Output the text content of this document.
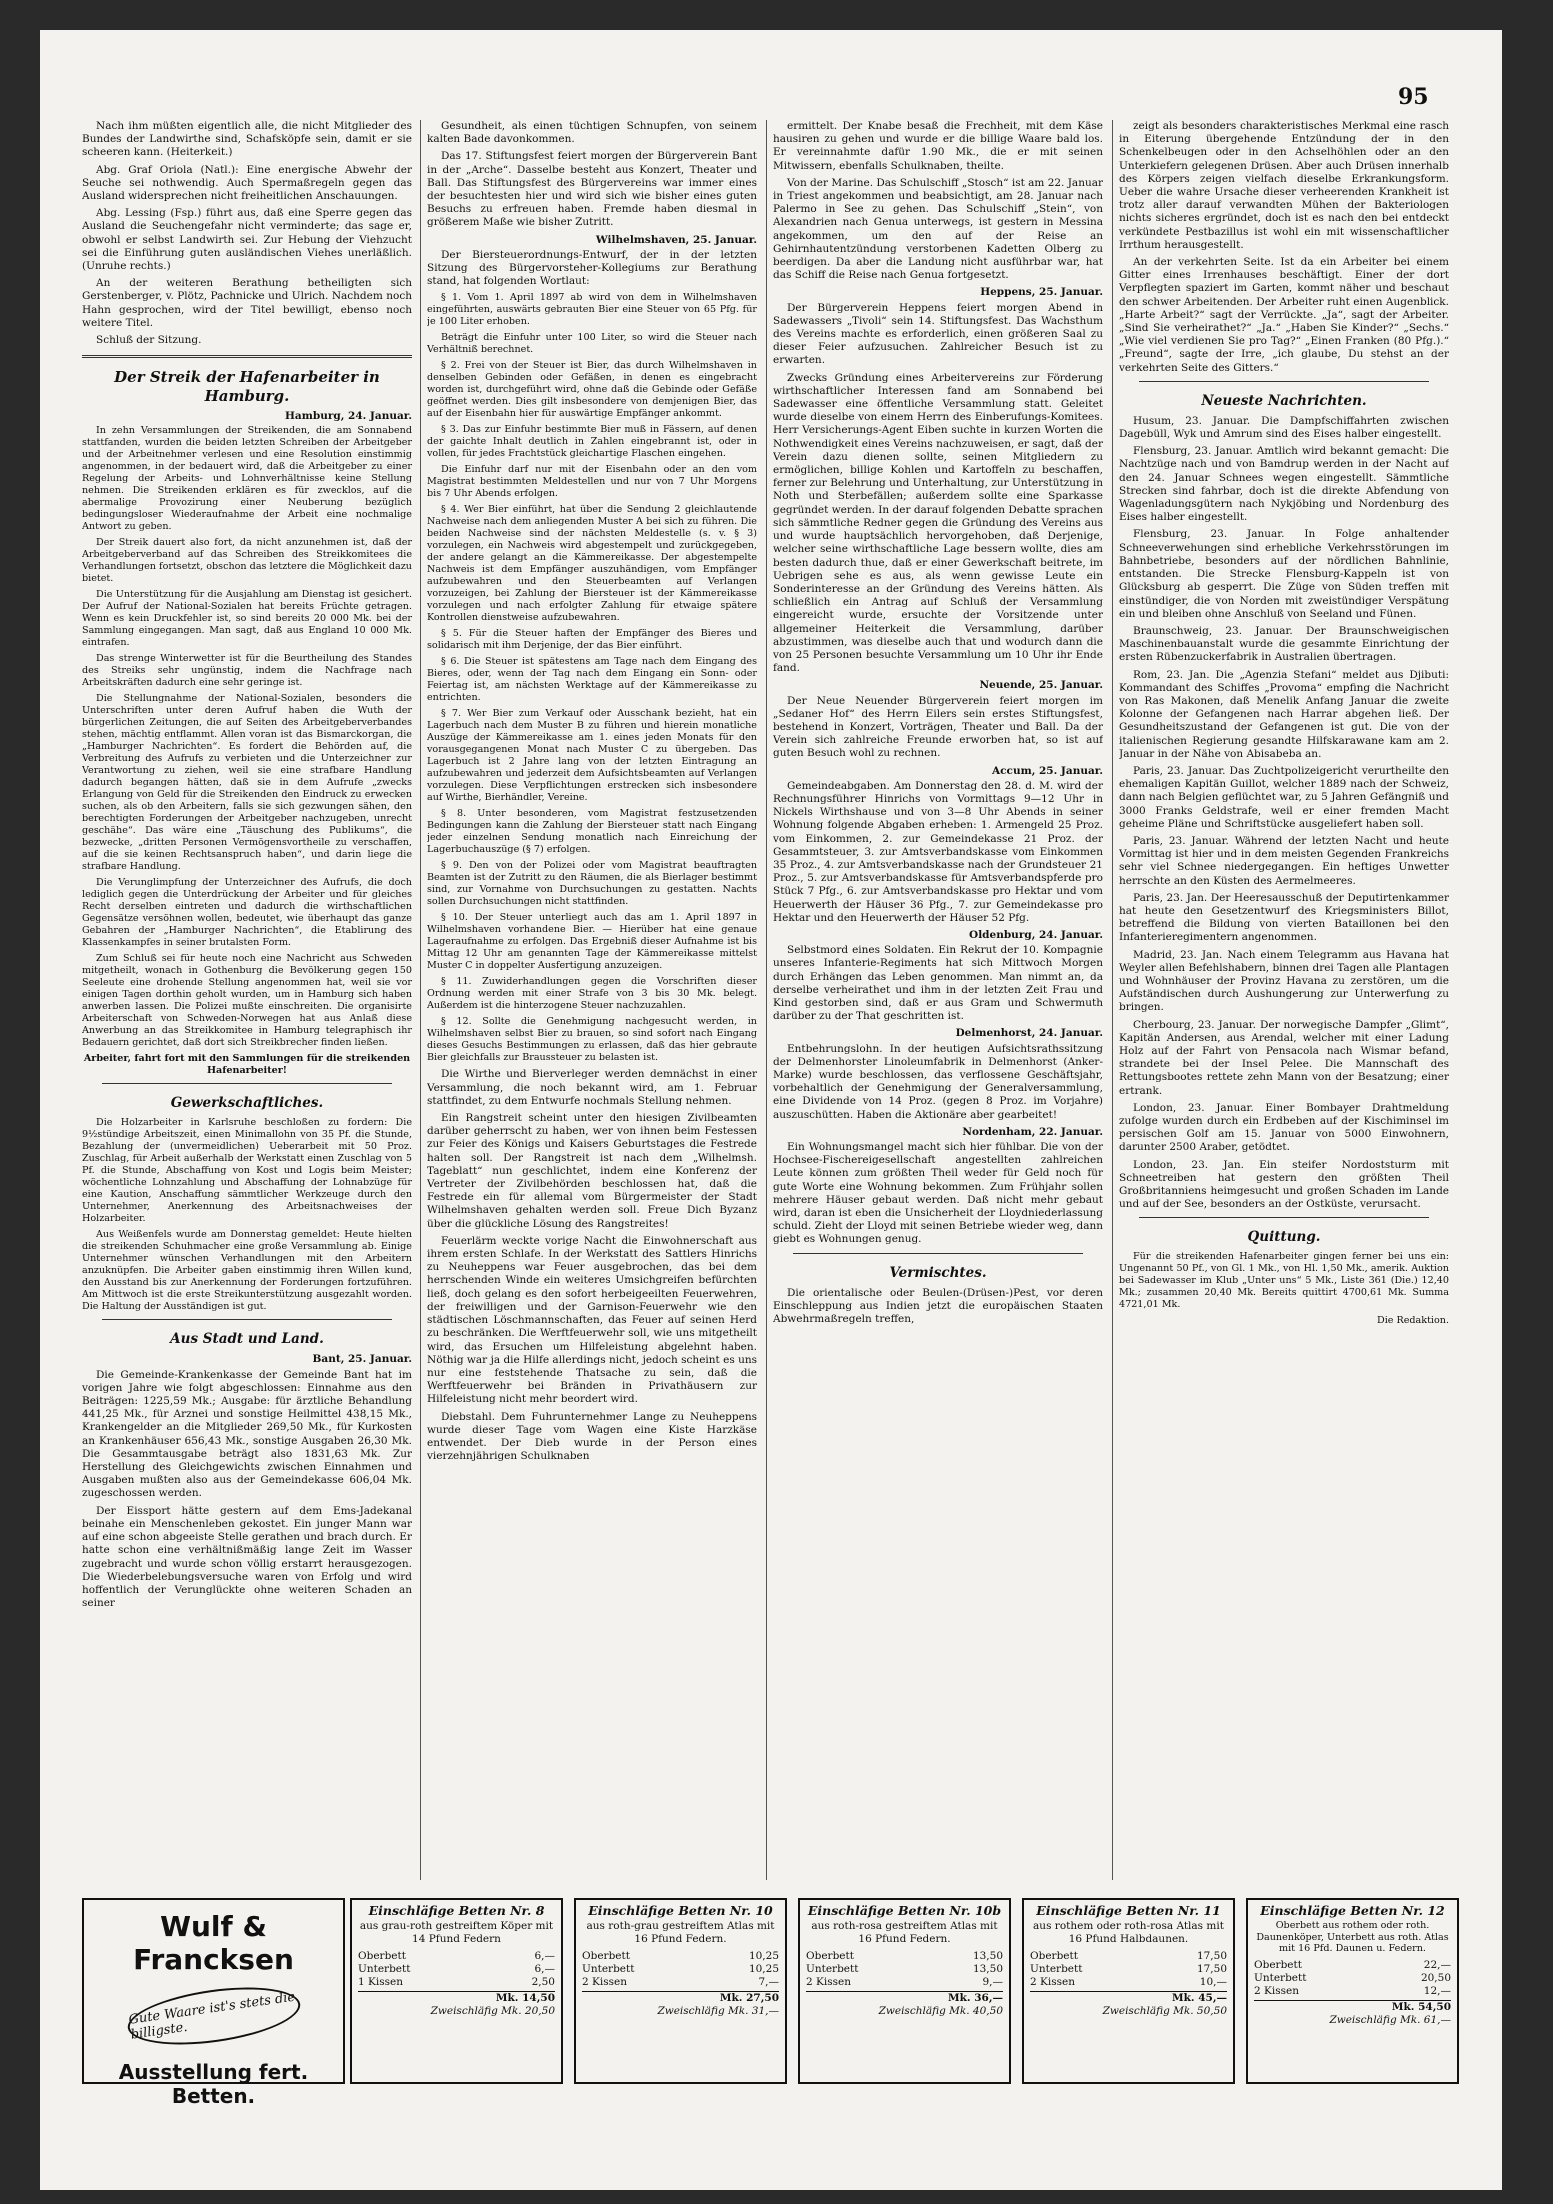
95

Nach ihm müßten eigentlich alle, die nicht Mitglieder des Bundes der Landwirthe sind, Schafsköpfe sein, damit er sie scheeren kann. (Heiterkeit.)

Abg. Graf Oriola (Natl.): Eine energische Abwehr der Seuche sei nothwendig. Auch Spermaßregeln gegen das Ausland widersprechen nicht freiheitlichen Anschauungen.

Abg. Lessing (Fsp.) führt aus, daß eine Sperre gegen das Ausland die Seuchengefahr nicht verminderte; das sage er, obwohl er selbst Landwirth sei. Zur Hebung der Viehzucht sei die Einführung guten ausländischen Viehes unerläßlich. (Unruhe rechts.)

An der weiteren Berathung betheiligten sich Gerstenberger, v. Plötz, Pachnicke und Ulrich. Nachdem noch Hahn gesprochen, wird der Titel bewilligt, ebenso noch weitere Titel.

Schluß der Sitzung.

Der Streik der Hafenarbeiter in Hamburg.
Hamburg, 24. Januar.

In zehn Versammlungen der Streikenden, die am Sonnabend stattfanden, wurden die beiden letzten Schreiben der Arbeitgeber und der Arbeitnehmer verlesen und eine Resolution einstimmig angenommen, in der bedauert wird, daß die Arbeitgeber zu einer Regelung der Arbeits- und Lohnverhältnisse keine Stellung nehmen. Die Streikenden erklären es für zwecklos, auf die abermalige Provozirung einer Neuberung bezüglich bedingungsloser Wiederaufnahme der Arbeit eine nochmalige Antwort zu geben.

Der Streik dauert also fort, da nicht anzunehmen ist, daß der Arbeitgeberverband auf das Schreiben des Streikkomitees die Verhandlungen fortsetzt, obschon das letztere die Möglichkeit dazu bietet.

Die Unterstützung für die Ausjahlung am Dienstag ist gesichert. Der Aufruf der National-Sozialen hat bereits Früchte getragen. Wenn es kein Druckfehler ist, so sind bereits 20 000 Mk. bei der Sammlung eingegangen. Man sagt, daß aus England 10 000 Mk. eintrafen.

Das strenge Winterwetter ist für die Beurtheilung des Standes des Streiks sehr ungünstig, indem die Nachfrage nach Arbeitskräften dadurch eine sehr geringe ist.

Die Stellungnahme der National-Sozialen, besonders die Unterschriften unter deren Aufruf haben die Wuth der bürgerlichen Zeitungen, die auf Seiten des Arbeitgeberverbandes stehen, mächtig entflammt. Allen voran ist das Bismarckorgan, die „Hamburger Nachrichten“. Es fordert die Behörden auf, die Verbreitung des Aufrufs zu verbieten und die Unterzeichner zur Verantwortung zu ziehen, weil sie eine strafbare Handlung dadurch begangen hätten, daß sie in dem Aufrufe „zwecks Erlangung von Geld für die Streikenden den Eindruck zu erwecken suchen, als ob den Arbeitern, falls sie sich gezwungen sähen, den berechtigten Forderungen der Arbeitgeber nachzugeben, unrecht geschähe“. Das wäre eine „Täuschung des Publikums“, die bezwecke, „dritten Personen Vermögensvortheile zu verschaffen, auf die sie keinen Rechtsanspruch haben“, und darin liege die strafbare Handlung.

Die Verunglimpfung der Unterzeichner des Aufrufs, die doch lediglich gegen die Unterdrückung der Arbeiter und für gleiches Recht derselben eintreten und dadurch die wirthschaftlichen Gegensätze versöhnen wollen, bedeutet, wie überhaupt das ganze Gebahren der „Hamburger Nachrichten“, die Etablirung des Klassenkampfes in seiner brutalsten Form.

Zum Schluß sei für heute noch eine Nachricht aus Schweden mitgetheilt, wonach in Gothenburg die Bevölkerung gegen 150 Seeleute eine drohende Stellung angenommen hat, weil sie vor einigen Tagen dorthin geholt wurden, um in Hamburg sich haben anwerben lassen. Die Polizei mußte einschreiten. Die organisirte Arbeiterschaft von Schweden-Norwegen hat aus Anlaß diese Anwerbung an das Streikkomitee in Hamburg telegraphisch ihr Bedauern gerichtet, daß dort sich Streikbrecher finden ließen.

Arbeiter, fahrt fort mit den Sammlungen für die streikenden Hafenarbeiter!

Gewerkschaftliches.

Die Holzarbeiter in Karlsruhe beschloßen zu fordern: Die 9½stündige Arbeitszeit, einen Minimallohn von 35 Pf. die Stunde, Bezahlung der (unvermeidlichen) Ueberarbeit mit 50 Proz. Zuschlag, für Arbeit außerhalb der Werkstatt einen Zuschlag von 5 Pf. die Stunde, Abschaffung von Kost und Logis beim Meister; wöchentliche Lohnzahlung und Abschaffung der Lohnabzüge für eine Kaution, Anschaffung sämmtlicher Werkzeuge durch den Unternehmer, Anerkennung des Arbeitsnachweises der Holzarbeiter.

Aus Weißenfels wurde am Donnerstag gemeldet: Heute hielten die streikenden Schuhmacher eine große Versammlung ab. Einige Unternehmer wünschen Verhandlungen mit den Arbeitern anzuknüpfen. Die Arbeiter gaben einstimmig ihren Willen kund, den Ausstand bis zur Anerkennung der Forderungen fortzuführen. Am Mittwoch ist die erste Streikunterstützung ausgezahlt worden. Die Haltung der Ausständigen ist gut.

Aus Stadt und Land.
Bant, 25. Januar.

Die Gemeinde-Krankenkasse der Gemeinde Bant hat im vorigen Jahre wie folgt abgeschlossen: Einnahme aus den Beiträgen: 1225,59 Mk.; Ausgabe: für ärztliche Behandlung 441,25 Mk., für Arznei und sonstige Heilmittel 438,15 Mk., Krankengelder an die Mitglieder 269,50 Mk., für Kurkosten an Krankenhäuser 656,43 Mk., sonstige Ausgaben 26,30 Mk. Die Gesammtausgabe beträgt also 1831,63 Mk. Zur Herstellung des Gleichgewichts zwischen Einnahmen und Ausgaben mußten also aus der Gemeindekasse 606,04 Mk. zugeschossen werden.

Der Eissport hätte gestern auf dem Ems-Jadekanal beinahe ein Menschenleben gekostet. Ein junger Mann war auf eine schon abgeeiste Stelle gerathen und brach durch. Er hatte schon eine verhältnißmäßig lange Zeit im Wasser zugebracht und wurde schon völlig erstarrt herausgezogen. Die Wiederbelebungsversuche waren von Erfolg und wird hoffentlich der Verunglückte ohne weiteren Schaden an seiner

Gesundheit, als einen tüchtigen Schnupfen, von seinem kalten Bade davonkommen.

Das 17. Stiftungsfest feiert morgen der Bürgerverein Bant in der „Arche“. Dasselbe besteht aus Konzert, Theater und Ball. Das Stiftungsfest des Bürgervereins war immer eines der besuchtesten hier und wird sich wie bisher eines guten Besuchs zu erfreuen haben. Fremde haben diesmal in größerem Maße wie bisher Zutritt.

Wilhelmshaven, 25. Januar.

Der Biersteuerordnungs-Entwurf, der in der letzten Sitzung des Bürgervorsteher-Kollegiums zur Berathung stand, hat folgenden Wortlaut:

§ 1. Vom 1. April 1897 ab wird von dem in Wilhelmshaven eingeführten, auswärts gebrauten Bier eine Steuer von 65 Pfg. für je 100 Liter erhoben.

Beträgt die Einfuhr unter 100 Liter, so wird die Steuer nach Verhältniß berechnet.

§ 2. Frei von der Steuer ist Bier, das durch Wilhelmshaven in denselben Gebinden oder Gefäßen, in denen es eingebracht worden ist, durchgeführt wird, ohne daß die Gebinde oder Gefäße geöffnet werden. Dies gilt insbesondere von demjenigen Bier, das auf der Eisenbahn hier für auswärtige Empfänger ankommt.

§ 3. Das zur Einfuhr bestimmte Bier muß in Fässern, auf denen der gaichte Inhalt deutlich in Zahlen eingebrannt ist, oder in vollen, für jedes Frachtstück gleichartige Flaschen eingehen.

Die Einfuhr darf nur mit der Eisenbahn oder an den vom Magistrat bestimmten Meldestellen und nur von 7 Uhr Morgens bis 7 Uhr Abends erfolgen.

§ 4. Wer Bier einführt, hat über die Sendung 2 gleichlautende Nachweise nach dem anliegenden Muster A bei sich zu führen. Die beiden Nachweise sind der nächsten Meldestelle (s. v. § 3) vorzulegen, ein Nachweis wird abgestempelt und zurückgegeben, der andere gelangt an die Kämmereikasse. Der abgestempelte Nachweis ist dem Empfänger auszuhändigen, vom Empfänger aufzubewahren und den Steuerbeamten auf Verlangen vorzuzeigen, bei Zahlung der Biersteuer ist der Kämmereikasse vorzulegen und nach erfolgter Zahlung für etwaige spätere Kontrollen dienstweise aufzubewahren.

§ 5. Für die Steuer haften der Empfänger des Bieres und solidarisch mit ihm Derjenige, der das Bier einführt.

§ 6. Die Steuer ist spätestens am Tage nach dem Eingang des Bieres, oder, wenn der Tag nach dem Eingang ein Sonn- oder Feiertag ist, am nächsten Werktage auf der Kämmereikasse zu entrichten.

§ 7. Wer Bier zum Verkauf oder Ausschank bezieht, hat ein Lagerbuch nach dem Muster B zu führen und hierein monatliche Auszüge der Kämmereikasse am 1. eines jeden Monats für den vorausgegangenen Monat nach Muster C zu übergeben. Das Lagerbuch ist 2 Jahre lang von der letzten Eintragung an aufzubewahren und jederzeit dem Aufsichtsbeamten auf Verlangen vorzulegen. Diese Verpflichtungen erstrecken sich insbesondere auf Wirthe, Bierhändler, Vereine.

§ 8. Unter besonderen, vom Magistrat festzusetzenden Bedingungen kann die Zahlung der Biersteuer statt nach Eingang jeder einzelnen Sendung monatlich nach Einreichung der Lagerbuchauszüge (§ 7) erfolgen.

§ 9. Den von der Polizei oder vom Magistrat beauftragten Beamten ist der Zutritt zu den Räumen, die als Bierlager bestimmt sind, zur Vornahme von Durchsuchungen zu gestatten. Nachts sollen Durchsuchungen nicht stattfinden.

§ 10. Der Steuer unterliegt auch das am 1. April 1897 in Wilhelmshaven vorhandene Bier. — Hierüber hat eine genaue Lageraufnahme zu erfolgen. Das Ergebniß dieser Aufnahme ist bis Mittag 12 Uhr am genannten Tage der Kämmereikasse mittelst Muster C in doppelter Ausfertigung anzuzeigen.

§ 11. Zuwiderhandlungen gegen die Vorschriften dieser Ordnung werden mit einer Strafe von 3 bis 30 Mk. belegt. Außerdem ist die hinterzogene Steuer nachzuzahlen.

§ 12. Sollte die Genehmigung nachgesucht werden, in Wilhelmshaven selbst Bier zu brauen, so sind sofort nach Eingang dieses Gesuchs Bestimmungen zu erlassen, daß das hier gebraute Bier gleichfalls zur Braussteuer zu belasten ist.

Die Wirthe und Bierverleger werden demnächst in einer Versammlung, die noch bekannt wird, am 1. Februar stattfindet, zu dem Entwurfe nochmals Stellung nehmen.

Ein Rangstreit scheint unter den hiesigen Zivilbeamten darüber geherrscht zu haben, wer von ihnen beim Festessen zur Feier des Königs und Kaisers Geburtstages die Festrede halten soll. Der Rangstreit ist nach dem „Wilhelmsh. Tageblatt“ nun geschlichtet, indem eine Konferenz der Vertreter der Zivilbehörden beschlossen hat, daß die Festrede ein für allemal vom Bürgermeister der Stadt Wilhelmshaven gehalten werden soll. Freue Dich Byzanz über die glückliche Lösung des Rangstreites!

Feuerlärm weckte vorige Nacht die Einwohnerschaft aus ihrem ersten Schlafe. In der Werkstatt des Sattlers Hinrichs zu Neuheppens war Feuer ausgebrochen, das bei dem herrschenden Winde ein weiteres Umsichgreifen befürchten ließ, doch gelang es den sofort herbeigeeilten Feuerwehren, der freiwilligen und der Garnison-Feuerwehr wie den städtischen Löschmannschaften, das Feuer auf seinen Herd zu beschränken. Die Werftfeuerwehr soll, wie uns mitgetheilt wird, das Ersuchen um Hilfeleistung abgelehnt haben. Nöthig war ja die Hilfe allerdings nicht, jedoch scheint es uns nur eine feststehende Thatsache zu sein, daß die Werftfeuerwehr bei Bränden in Privathäusern zur Hilfeleistung nicht mehr beordert wird.

Diebstahl. Dem Fuhrunternehmer Lange zu Neuheppens wurde dieser Tage vom Wagen eine Kiste Harzkäse entwendet. Der Dieb wurde in der Person eines vierzehnjährigen Schulknaben

ermittelt. Der Knabe besaß die Frechheit, mit dem Käse hausiren zu gehen und wurde er die billige Waare bald los. Er vereinnahmte dafür 1.90 Mk., die er mit seinen Mitwissern, ebenfalls Schulknaben, theilte.

Von der Marine. Das Schulschiff „Stosch“ ist am 22. Januar in Triest angekommen und beabsichtigt, am 28. Januar nach Palermo in See zu gehen. Das Schulschiff „Stein“, von Alexandrien nach Genua unterwegs, ist gestern in Messina angekommen, um den auf der Reise an Gehirnhautentzündung verstorbenen Kadetten Olberg zu beerdigen. Da aber die Landung nicht ausführbar war, hat das Schiff die Reise nach Genua fortgesetzt.

Heppens, 25. Januar.

Der Bürgerverein Heppens feiert morgen Abend in Sadewassers „Tivoli“ sein 14. Stiftungsfest. Das Wachsthum des Vereins machte es erforderlich, einen größeren Saal zu dieser Feier aufzusuchen. Zahlreicher Besuch ist zu erwarten.

Zwecks Gründung eines Arbeitervereins zur Förderung wirthschaftlicher Interessen fand am Sonnabend bei Sadewasser eine öffentliche Versammlung statt. Geleitet wurde dieselbe von einem Herrn des Einberufungs-Komitees. Herr Versicherungs-Agent Eiben suchte in kurzen Worten die Nothwendigkeit eines Vereins nachzuweisen, er sagt, daß der Verein dazu dienen sollte, seinen Mitgliedern zu ermöglichen, billige Kohlen und Kartoffeln zu beschaffen, ferner zur Belehrung und Unterhaltung, zur Unterstützung in Noth und Sterbefällen; außerdem sollte eine Sparkasse gegründet werden. In der darauf folgenden Debatte sprachen sich sämmtliche Redner gegen die Gründung des Vereins aus und wurde hauptsächlich hervorgehoben, daß Derjenige, welcher seine wirthschaftliche Lage bessern wollte, dies am besten dadurch thue, daß er einer Gewerkschaft beitrete, im Uebrigen sehe es aus, als wenn gewisse Leute ein Sonderinteresse an der Gründung des Vereins hätten. Als schließlich ein Antrag auf Schluß der Versammlung eingereicht wurde, ersuchte der Vorsitzende unter allgemeiner Heiterkeit die Versammlung, darüber abzustimmen, was dieselbe auch that und wodurch dann die von 25 Personen besuchte Versammlung um 10 Uhr ihr Ende fand.

Neuende, 25. Januar.

Der Neue Neuender Bürgerverein feiert morgen im „Sedaner Hof“ des Herrn Eilers sein erstes Stiftungsfest, bestehend in Konzert, Vorträgen, Theater und Ball. Da der Verein sich zahlreiche Freunde erworben hat, so ist auf guten Besuch wohl zu rechnen.

Accum, 25. Januar.

Gemeindeabgaben. Am Donnerstag den 28. d. M. wird der Rechnungsführer Hinrichs von Vormittags 9—12 Uhr in Nickels Wirthshause und von 3—8 Uhr Abends in seiner Wohnung folgende Abgaben erheben: 1. Armengeld 25 Proz. vom Einkommen, 2. zur Gemeindekasse 21 Proz. der Gesammtsteuer, 3. zur Amtsverbandskasse vom Einkommen 35 Proz., 4. zur Amtsverbandskasse nach der Grundsteuer 21 Proz., 5. zur Amtsverbandskasse für Amtsverbandspferde pro Stück 7 Pfg., 6. zur Amtsverbandskasse pro Hektar und vom Heuerwerth der Häuser 36 Pfg., 7. zur Gemeindekasse pro Hektar und den Heuerwerth der Häuser 52 Pfg.

Oldenburg, 24. Januar.

Selbstmord eines Soldaten. Ein Rekrut der 10. Kompagnie unseres Infanterie-Regiments hat sich Mittwoch Morgen durch Erhängen das Leben genommen. Man nimmt an, da derselbe verheirathet und ihm in der letzten Zeit Frau und Kind gestorben sind, daß er aus Gram und Schwermuth darüber zu der That geschritten ist.

Delmenhorst, 24. Januar.

Entbehrungslohn. In der heutigen Aufsichtsrathssitzung der Delmenhorster Linoleumfabrik in Delmenhorst (Anker-Marke) wurde beschlossen, das verflossene Geschäftsjahr, vorbehaltlich der Genehmigung der Generalversammlung, eine Dividende von 14 Proz. (gegen 8 Proz. im Vorjahre) auszuschütten. Haben die Aktionäre aber gearbeitet!

Nordenham, 22. Januar.

Ein Wohnungsmangel macht sich hier fühlbar. Die von der Hochsee-Fischereigesellschaft angestellten zahlreichen Leute können zum größten Theil weder für Geld noch für gute Worte eine Wohnung bekommen. Zum Frühjahr sollen mehrere Häuser gebaut werden. Daß nicht mehr gebaut wird, daran ist eben die Unsicherheit der Lloydniederlassung schuld. Zieht der Lloyd mit seinen Betriebe wieder weg, dann giebt es Wohnungen genug.

Vermischtes.

Die orientalische oder Beulen-(Drüsen-)Pest, vor deren Einschleppung aus Indien jetzt die europäischen Staaten Abwehrmaßregeln treffen,

zeigt als besonders charakteristisches Merkmal eine rasch in Eiterung übergehende Entzündung der in den Schenkelbeugen oder in den Achselhöhlen oder an den Unterkiefern gelegenen Drüsen. Aber auch Drüsen innerhalb des Körpers zeigen vielfach dieselbe Erkrankungsform. Ueber die wahre Ursache dieser verheerenden Krankheit ist trotz aller darauf verwandten Mühen der Bakteriologen nichts sicheres ergründet, doch ist es nach den bei entdeckt verkündete Pestbazillus ist wohl ein mit wissenschaftlicher Irrthum herausgestellt.

An der verkehrten Seite. Ist da ein Arbeiter bei einem Gitter eines Irrenhauses beschäftigt. Einer der dort Verpflegten spaziert im Garten, kommt näher und beschaut den schwer Arbeitenden. Der Arbeiter ruht einen Augenblick. „Harte Arbeit?“ sagt der Verrückte. „Ja“, sagt der Arbeiter. „Sind Sie verheirathet?“ „Ja.“ „Haben Sie Kinder?“ „Sechs.“ „Wie viel verdienen Sie pro Tag?“ „Einen Franken (80 Pfg.).“ „Freund“, sagte der Irre, „ich glaube, Du stehst an der verkehrten Seite des Gitters.“

Neueste Nachrichten.

Husum, 23. Januar. Die Dampfschiffahrten zwischen Dagebüll, Wyk und Amrum sind des Eises halber eingestellt.

Flensburg, 23. Januar. Amtlich wird bekannt gemacht: Die Nachtzüge nach und von Bamdrup werden in der Nacht auf den 24. Januar Schnees wegen eingestellt. Sämmtliche Strecken sind fahrbar, doch ist die direkte Abfendung von Wagenladungsgütern nach Nykjöbing und Nordenburg des Eises halber eingestellt.

Flensburg, 23. Januar. In Folge anhaltender Schneeverwehungen sind erhebliche Verkehrsstörungen im Bahnbetriebe, besonders auf der nördlichen Bahnlinie, entstanden. Die Strecke Flensburg-Kappeln ist von Glücksburg ab gesperrt. Die Züge von Süden treffen mit einstündiger, die von Norden mit zweistündiger Verspätung ein und bleiben ohne Anschluß von Seeland und Fünen.

Braunschweig, 23. Januar. Der Braunschweigischen Maschinenbauanstalt wurde die gesammte Einrichtung der ersten Rübenzuckerfabrik in Australien übertragen.

Rom, 23. Jan. Die „Agenzia Stefani“ meldet aus Djibuti: Kommandant des Schiffes „Provoma“ empfing die Nachricht von Ras Makonen, daß Menelik Anfang Januar die zweite Kolonne der Gefangenen nach Harrar abgehen ließ. Der Gesundheitszustand der Gefangenen ist gut. Die von der italienischen Regierung gesandte Hilfskarawane kam am 2. Januar in der Nähe von Abisabeba an.

Paris, 23. Januar. Das Zuchtpolizeigericht verurtheilte den ehemaligen Kapitän Guillot, welcher 1889 nach der Schweiz, dann nach Belgien geflüchtet war, zu 5 Jahren Gefängniß und 3000 Franks Geldstrafe, weil er einer fremden Macht geheime Pläne und Schriftstücke ausgeliefert haben soll.

Paris, 23. Januar. Während der letzten Nacht und heute Vormittag ist hier und in dem meisten Gegenden Frankreichs sehr viel Schnee niedergegangen. Ein heftiges Unwetter herrschte an den Küsten des Aermelmeeres.

Paris, 23. Jan. Der Heeresausschuß der Deputirtenkammer hat heute den Gesetzentwurf des Kriegsministers Billot, betreffend die Bildung von vierten Bataillonen bei den Infanterieregimentern angenommen.

Madrid, 23. Jan. Nach einem Telegramm aus Havana hat Weyler allen Befehlshabern, binnen drei Tagen alle Plantagen und Wohnhäuser der Provinz Havana zu zerstören, um die Aufständischen durch Aushungerung zur Unterwerfung zu bringen.

Cherbourg, 23. Januar. Der norwegische Dampfer „Glimt“, Kapitän Andersen, aus Arendal, welcher mit einer Ladung Holz auf der Fahrt von Pensacola nach Wismar befand, strandete bei der Insel Pelee. Die Mannschaft des Rettungsbootes rettete zehn Mann von der Besatzung; einer ertrank.

London, 23. Januar. Einer Bombayer Drahtmeldung zufolge wurden durch ein Erdbeben auf der Kischiminsel im persischen Golf am 15. Januar von 5000 Einwohnern, darunter 2500 Araber, getödtet.

London, 23. Jan. Ein steifer Nordoststurm mit Schneetreiben hat gestern den größten Theil Großbritanniens heimgesucht und großen Schaden im Lande und auf der See, besonders an der Ostküste, verursacht.

Quittung.

Für die streikenden Hafenarbeiter gingen ferner bei uns ein: Ungenannt 50 Pf., von Gl. 1 Mk., von Hl. 1,50 Mk., amerik. Auktion bei Sadewasser im Klub „Unter uns“ 5 Mk., Liste 361 (Die.) 12,40 Mk.; zusammen 20,40 Mk. Bereits quittirt 4700,61 Mk. Summa 4721,01 Mk.

Die Redaktion.

Wulf & Francksen
Gute Waare ist's stets die billigste.
Ausstellung fert. Betten.
Einschläfige Betten Nr. 8
aus grau-roth gestreiftem Köper mit 14 Pfund Federn
Oberbett	6,—
Unterbett	6,—
1 Kissen	2,50
Mk. 14,50
Zweischläfig Mk. 20,50
Einschläfige Betten Nr. 10
aus roth-grau gestreiftem Atlas mit 16 Pfund Federn.
Oberbett	10,25
Unterbett	10,25
2 Kissen	7,—
Mk. 27,50
Zweischläfig Mk. 31,—
Einschläfige Betten Nr. 10b
aus roth-rosa gestreiftem Atlas mit 16 Pfund Federn.
Oberbett	13,50
Unterbett	13,50
2 Kissen	9,—
Mk. 36,—
Zweischläfig Mk. 40,50
Einschläfige Betten Nr. 11
aus rothem oder roth-rosa Atlas mit 16 Pfund Halbdaunen.
Oberbett	17,50
Unterbett	17,50
2 Kissen	10,—
Mk. 45,—
Zweischläfig Mk. 50,50
Einschläfige Betten Nr. 12
Oberbett aus rothem oder roth. Daunenköper, Unterbett aus roth. Atlas mit 16 Pfd. Daunen u. Federn.
Oberbett	22,—
Unterbett	20,50
2 Kissen	12,—
Mk. 54,50
Zweischläfig Mk. 61,—
